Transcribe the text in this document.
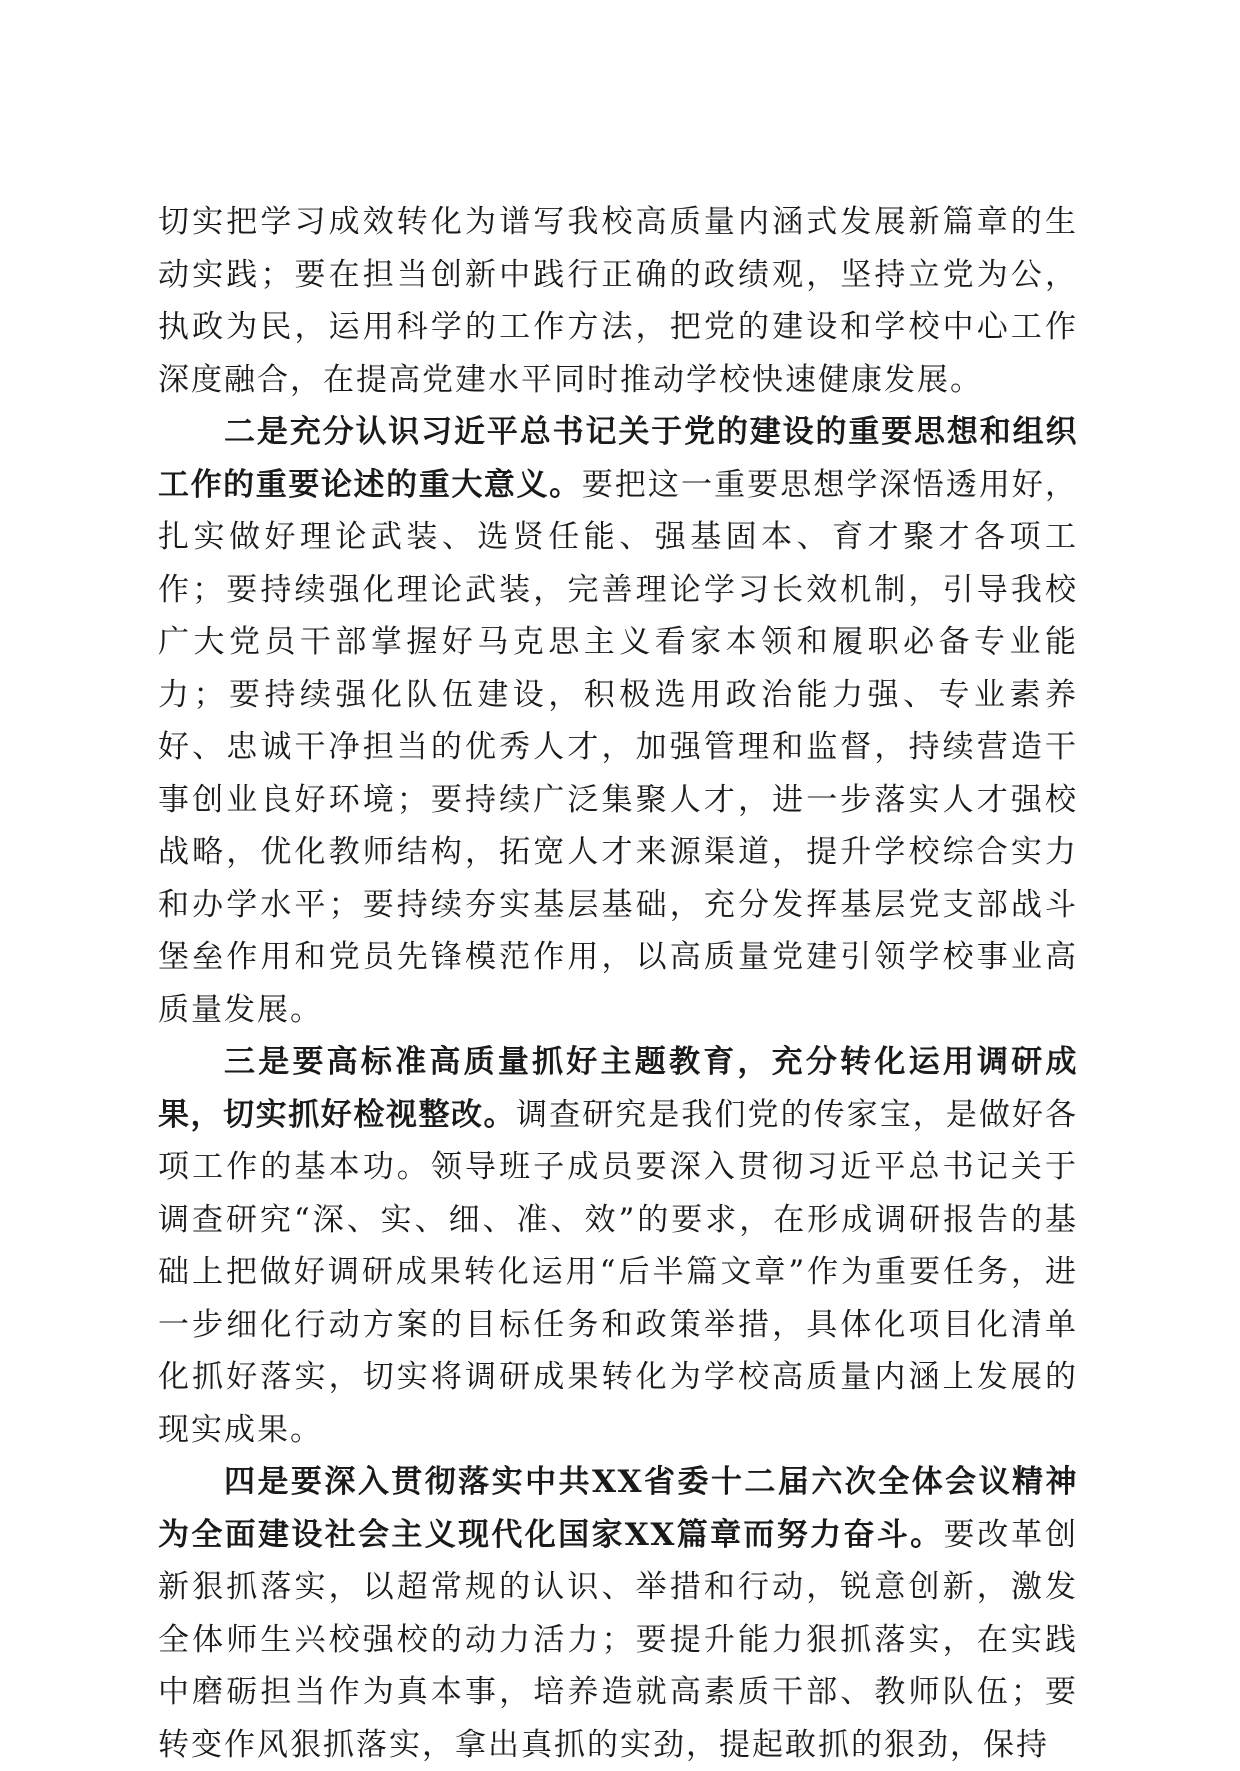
切实把学习成效转化为谱写我校高质量内涵式发展新篇章的生动实践；要在担当创新中践行正确的政绩观，坚持立党为公，执政为民，运用科学的工作方法，把党的建设和学校中心工作深度融合，在提高党建水平同时推动学校快速健康发展。

二是充分认识习近平总书记关于党的建设的重要思想和组织工作的重要论述的重大意义。要把这一重要思想学深悟透用好，扎实做好理论武装、选贤任能、强基固本、育才聚才各项工作；要持续强化理论武装，完善理论学习长效机制，引导我校广大党员干部掌握好马克思主义看家本领和履职必备专业能力；要持续强化队伍建设，积极选用政治能力强、专业素养好、忠诚干净担当的优秀人才，加强管理和监督，持续营造干事创业良好环境；要持续广泛集聚人才，进一步落实人才强校战略，优化教师结构，拓宽人才来源渠道，提升学校综合实力和办学水平；要持续夯实基层基础，充分发挥基层党支部战斗堡垒作用和党员先锋模范作用，以高质量党建引领学校事业高质量发展。

三是要高标准高质量抓好主题教育，充分转化运用调研成果，切实抓好检视整改。调查研究是我们党的传家宝，是做好各项工作的基本功。领导班子成员要深入贯彻习近平总书记关于调查研究“深、实、细、准、效”的要求，在形成调研报告的基础上把做好调研成果转化运用“后半篇文章”作为重要任务，进一步细化行动方案的目标任务和政策举措，具体化项目化清单化抓好落实，切实将调研成果转化为学校高质量内涵上发展的现实成果。

四是要深入贯彻落实中共XX省委十二届六次全体会议精神为全面建设社会主义现代化国家XX篇章而努力奋斗。要改革创新狠抓落实，以超常规的认识、举措和行动，锐意创新，激发全体师生兴校强校的动力活力；要提升能力狠抓落实，在实践中磨砺担当作为真本事，培养造就高素质干部、教师队伍；要转变作风狠抓落实，拿出真抓的实劲，提起敢抓的狠劲，保持
